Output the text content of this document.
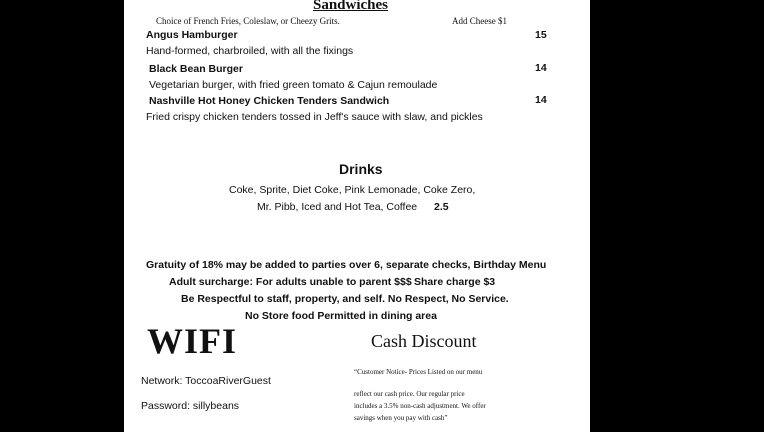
Sandwiches
Choice of French Fries, Coleslaw, or Cheezy Grits.	Add Cheese $1
Angus Hamburger	15
Hand-formed, charbroiled, with all the fixings
Black Bean Burger	14
Vegetarian burger, with fried green tomato & Cajun remoulade
Nashville Hot Honey Chicken Tenders Sandwich	14
Fried crispy chicken tenders tossed in Jeff's sauce with slaw, and pickles
Drinks
Coke, Sprite, Diet Coke, Pink Lemonade, Coke Zero,
Mr. Pibb, Iced and Hot Tea, Coffee 2.5
Gratuity of 18% may be added to parties over 6, separate checks, Birthday Menu
Adult surcharge: For adults unable to parent $$$ Share charge $3
Be Respectful to staff, property, and self. No Respect, No Service.
No Store food Permitted in dining area
WIFI
Network: ToccoaRiverGuest
Password: sillybeans
Cash Discount
“Customer Notice- Prices Listed on our menu
reflect our cash price. Our regular price
includes a 3.5% non-cash adjustment. We offer
savings when you pay with cash”
